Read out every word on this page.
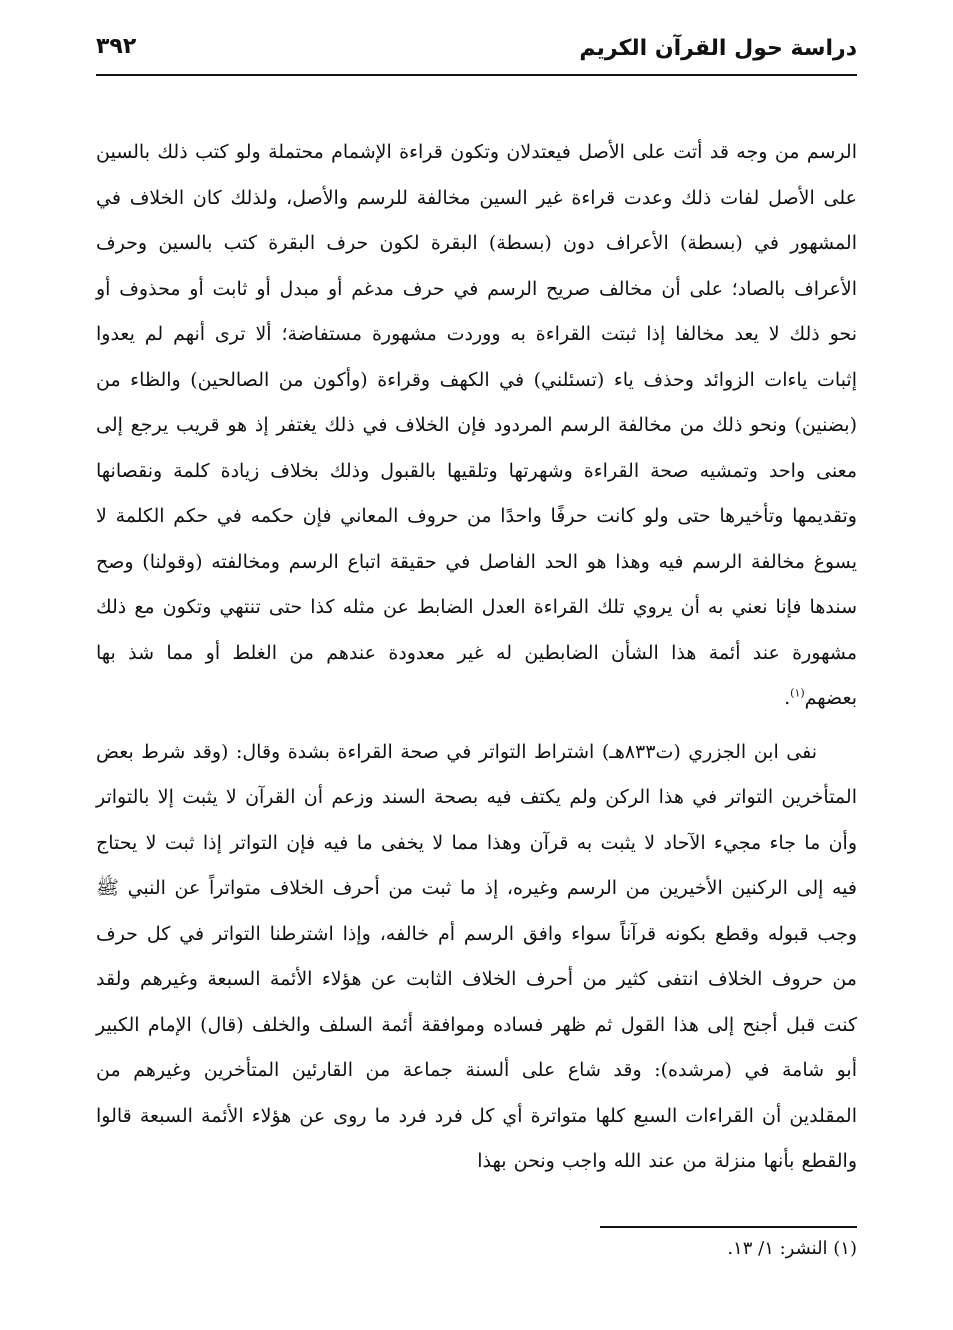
دراسة حول القرآن الكريم
٣٩٢

الرسم من وجه قد أتت على الأصل فيعتدلان وتكون قراءة الإشمام محتملة ولو كتب ذلك بالسين على الأصل لفات ذلك وعدت قراءة غير السين مخالفة للرسم والأصل، ولذلك كان الخلاف في المشهور في (بسطة) الأعراف دون (بسطة) البقرة لكون حرف البقرة كتب بالسين وحرف الأعراف بالصاد؛ على أن مخالف صريح الرسم في حرف مدغم أو مبدل أو ثابت أو محذوف أو نحو ذلك لا يعد مخالفا إذا ثبتت القراءة به ووردت مشهورة مستفاضة؛ ألا ترى أنهم لم يعدوا إثبات ياءات الزوائد وحذف ياء (تسئلني) في الكهف وقراءة (وأكون من الصالحين) والظاء من (بضنين) ونحو ذلك من مخالفة الرسم المردود فإن الخلاف في ذلك يغتفر إذ هو قريب يرجع إلى معنى واحد وتمشيه صحة القراءة وشهرتها وتلقيها بالقبول وذلك بخلاف زيادة كلمة ونقصانها وتقديمها وتأخيرها حتى ولو كانت حرفًا واحدًا من حروف المعاني فإن حكمه في حكم الكلمة لا يسوغ مخالفة الرسم فيه وهذا هو الحد الفاصل في حقيقة اتباع الرسم ومخالفته (وقولنا) وصح سندها فإنا نعني به أن يروي تلك القراءة العدل الضابط عن مثله كذا حتى تنتهي وتكون مع ذلك مشهورة عند أئمة هذا الشأن الضابطين له غير معدودة عندهم من الغلط أو مما شذ بها بعضهم$^{(١)}$.

نفى ابن الجزري (ت٨٣٣هـ) اشتراط التواتر في صحة القراءة بشدة وقال: (وقد شرط بعض المتأخرين التواتر في هذا الركن ولم يكتف فيه بصحة السند وزعم أن القرآن لا يثبت إلا بالتواتر وأن ما جاء مجيء الآحاد لا يثبت به قرآن وهذا مما لا يخفى ما فيه فإن التواتر إذا ثبت لا يحتاج فيه إلى الركنين الأخيرين من الرسم وغيره، إذ ما ثبت من أحرف الخلاف متواتراً عن النبي ﷺ وجب قبوله وقطع بكونه قرآناً سواء وافق الرسم أم خالفه، وإذا اشترطنا التواتر في كل حرف من حروف الخلاف انتفى كثير من أحرف الخلاف الثابت عن هؤلاء الأئمة السبعة وغيرهم ولقد كنت قبل أجنح إلى هذا القول ثم ظهر فساده وموافقة أئمة السلف والخلف (قال) الإمام الكبير أبو شامة في (مرشده): وقد شاع على ألسنة جماعة من القارئين المتأخرين وغيرهم من المقلدين أن القراءات السبع كلها متواترة أي كل فرد فرد ما روى عن هؤلاء الأئمة السبعة قالوا والقطع بأنها منزلة من عند الله واجب ونحن بهذا

(١) النشر: ١/ ١٣.
